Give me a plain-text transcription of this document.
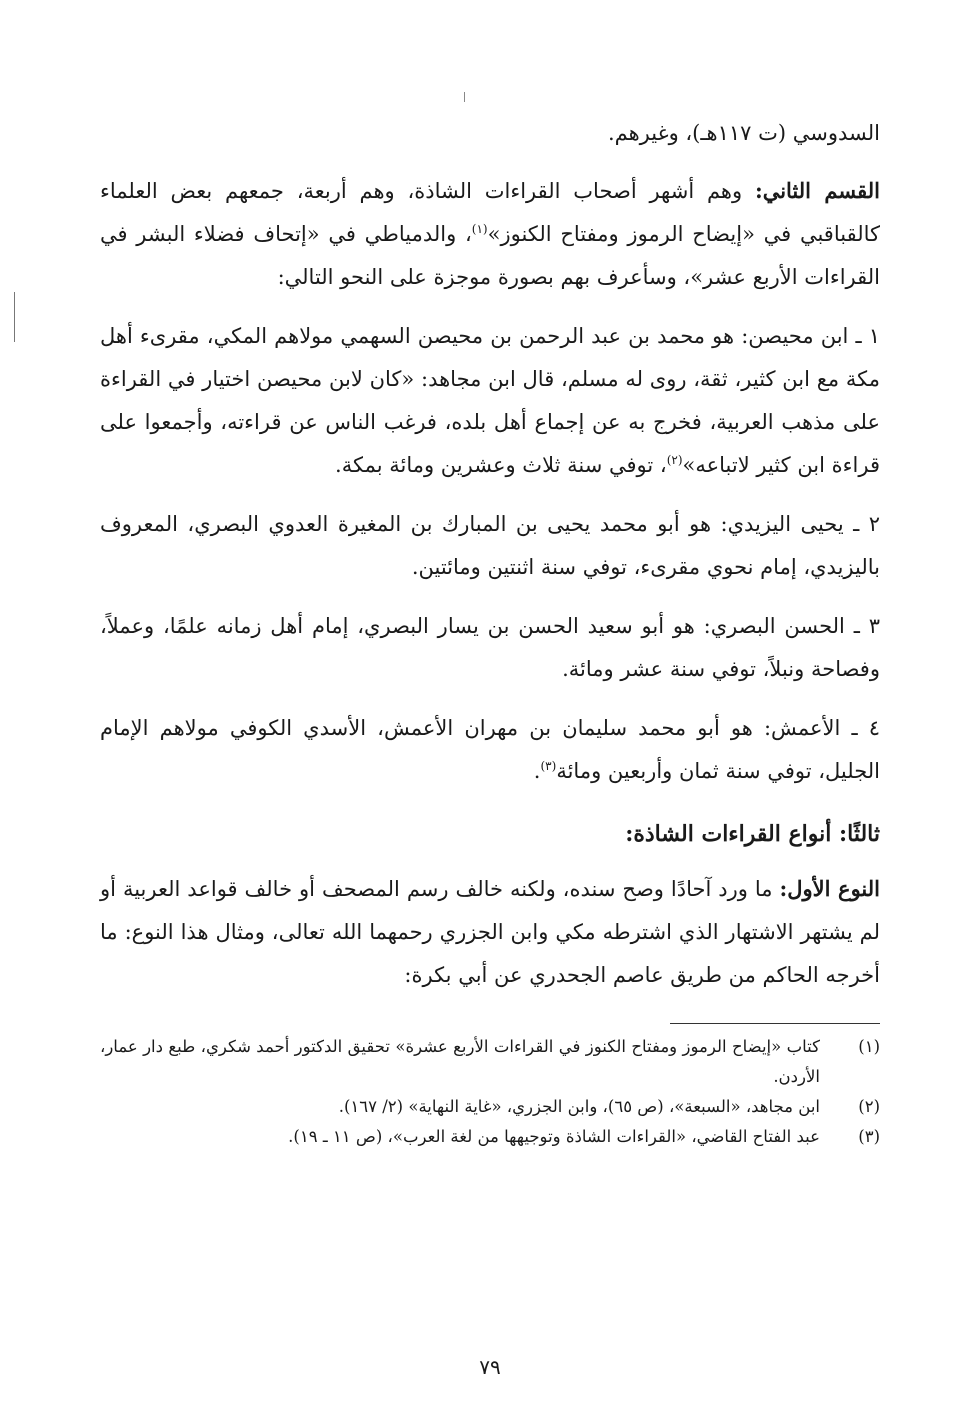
السدوسي (ت ١١٧هـ)، وغيرهم.

القسم الثاني: وهم أشهر أصحاب القراءات الشاذة، وهم أربعة، جمعهم بعض العلماء كالقباقبي في «إيضاح الرموز ومفتاح الكنوز»$^{(١)}$، والدمياطي في «إتحاف فضلاء البشر في القراءات الأربع عشر»، وسأعرف بهم بصورة موجزة على النحو التالي:

١ ـ ابن محيصن: هو محمد بن عبد الرحمن بن محيصن السهمي مولاهم المكي، مقرىء أهل مكة مع ابن كثير، ثقة، روى له مسلم، قال ابن مجاهد: «كان لابن محيصن اختيار في القراءة على مذهب العربية، فخرج به عن إجماع أهل بلده، فرغب الناس عن قراءته، وأجمعوا على قراءة ابن كثير لاتباعه»$^{(٢)}$، توفي سنة ثلاث وعشرين ومائة بمكة.

٢ ـ يحيى اليزيدي: هو أبو محمد يحيى بن المبارك بن المغيرة العدوي البصري، المعروف باليزيدي، إمام نحوي مقرىء، توفي سنة اثنتين ومائتين.

٣ ـ الحسن البصري: هو أبو سعيد الحسن بن يسار البصري، إمام أهل زمانه علمًا، وعملاً، وفصاحة ونبلاً، توفي سنة عشر ومائة.

٤ ـ الأعمش: هو أبو محمد سليمان بن مهران الأعمش، الأسدي الكوفي مولاهم الإمام الجليل، توفي سنة ثمان وأربعين ومائة$^{(٣)}$.

ثالثًا: أنواع القراءات الشاذة:

النوع الأول: ما ورد آحادًا وصح سنده، ولكنه خالف رسم المصحف أو خالف قواعد العربية أو لم يشتهر الاشتهار الذي اشترطه مكي وابن الجزري رحمهما الله تعالى، ومثال هذا النوع: ما أخرجه الحاكم من طريق عاصم الجحدري عن أبي بكرة:

(١)
كتاب «إيضاح الرموز ومفتاح الكنوز في القراءات الأربع عشرة» تحقيق الدكتور أحمد شكري، طبع دار عمار، الأردن.

(٢)
ابن مجاهد، «السبعة»، (ص ٦٥)، وابن الجزري، «غاية النهاية» (٢/ ١٦٧).

(٣)
عبد الفتاح القاضي، «القراءات الشاذة وتوجيهها من لغة العرب»، (ص ١١ ـ ١٩).

٧٩
